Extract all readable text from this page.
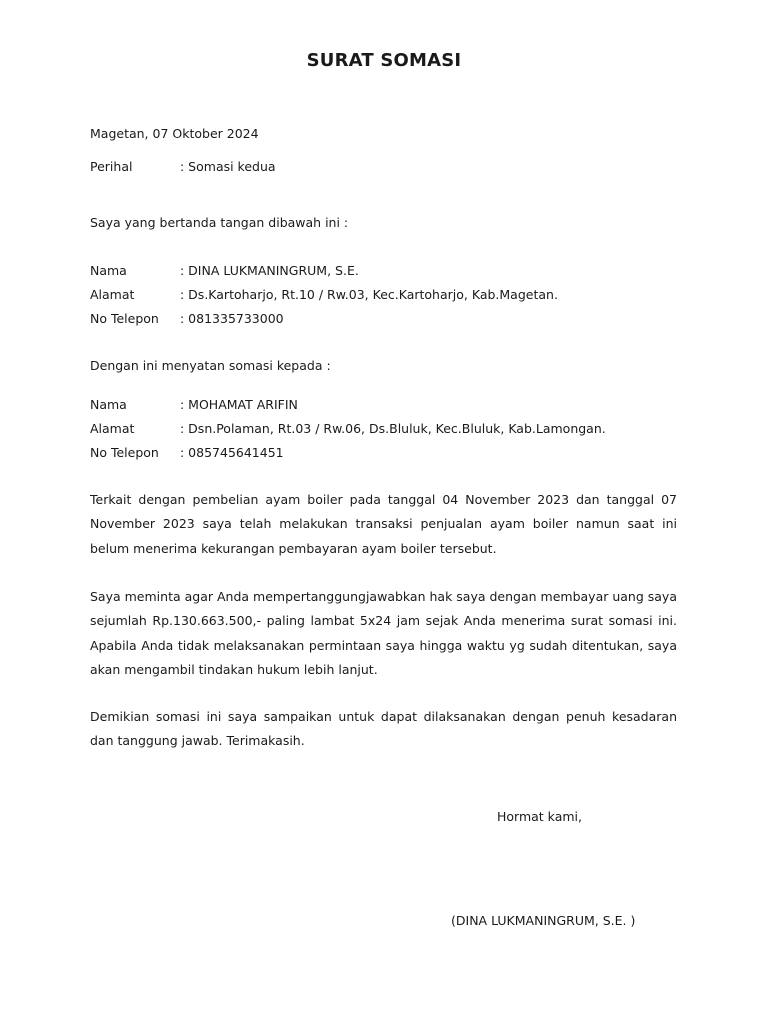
SURAT SOMASI
Magetan, 07 Oktober 2024
Perihal	: Somasi kedua
Saya yang bertanda tangan dibawah ini :
Nama	: DINA LUKMANINGRUM, S.E.
Alamat	: Ds.Kartoharjo, Rt.10 / Rw.03, Kec.Kartoharjo, Kab.Magetan.
No Telepon : 081335733000
Dengan ini menyatan somasi kepada :
Nama	: MOHAMAT ARIFIN
Alamat	: Dsn.Polaman, Rt.03 / Rw.06, Ds.Bluluk, Kec.Bluluk, Kab.Lamongan.
No Telepon : 085745641451
Terkait dengan pembelian ayam boiler pada tanggal 04 November 2023 dan tanggal 07 November 2023 saya telah melakukan transaksi penjualan ayam boiler namun saat ini belum menerima kekurangan pembayaran ayam boiler tersebut.
Saya meminta agar Anda mempertanggungjawabkan hak saya dengan membayar uang saya sejumlah Rp.130.663.500,- paling lambat 5x24 jam sejak Anda menerima surat somasi ini. Apabila Anda tidak melaksanakan permintaan saya hingga waktu yg sudah ditentukan, saya akan mengambil tindakan hukum lebih lanjut.
Demikian somasi ini saya sampaikan untuk dapat dilaksanakan dengan penuh kesadaran dan tanggung jawab. Terimakasih.
Hormat kami,
(DINA LUKMANINGRUM, S.E. )
